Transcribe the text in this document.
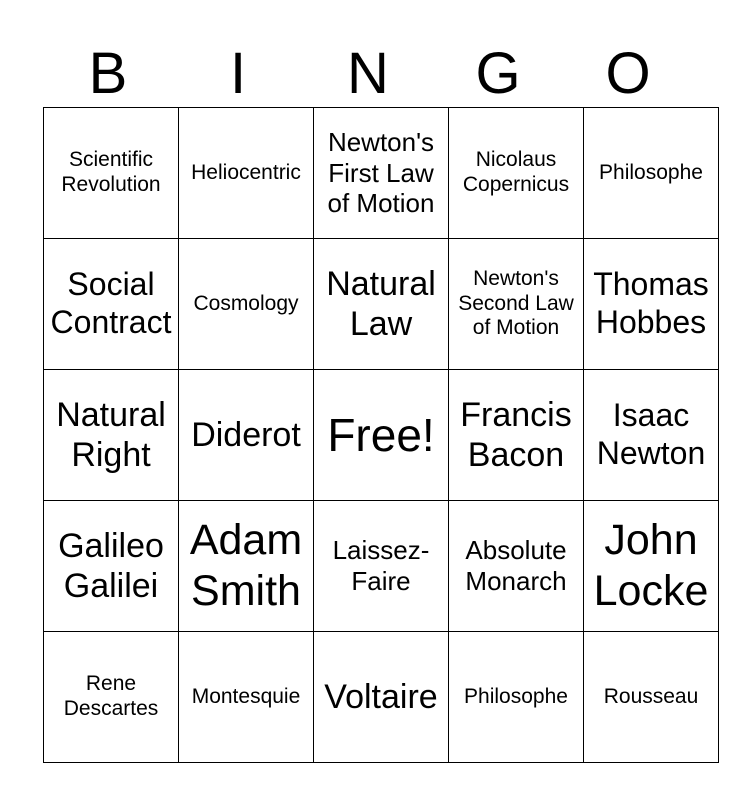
B	I	N	G	O
Scientific Revolution	Heliocentric	Newton's First Law of Motion	Nicolaus Copernicus	Philosophe
Social Contract	Cosmology	Natural Law	Newton's Second Law of Motion	Thomas Hobbes
Natural Right	Diderot	Free!	Francis Bacon	Isaac Newton
Galileo Galilei	Adam Smith	Laissez-Faire	Absolute Monarch	John Locke
Rene Descartes	Montesquie	Voltaire	Philosophe	Rousseau
